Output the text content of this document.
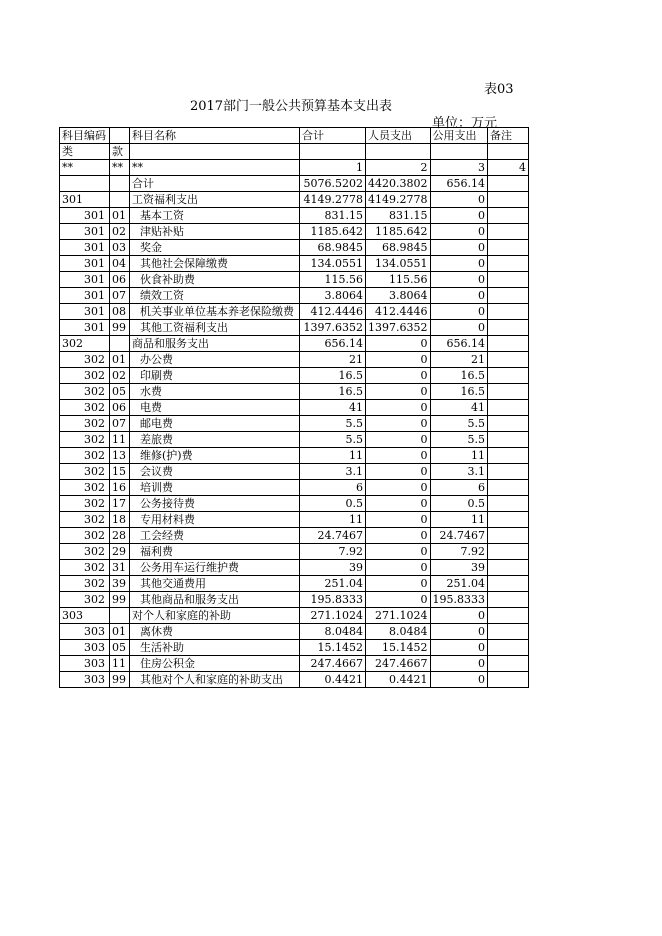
表03
2017部门一般公共预算基本支出表
单位：万元
科目编码		科目名称	合计	人员支出	公用支出	备注
类	款					
**	**	**	1	2	3	4
		合计	5076.5202	4420.3802	656.14	
301		工资福利支出	4149.2778	4149.2778	0	
301	01	基本工资	831.15	831.15	0	
301	02	津贴补贴	1185.642	1185.642	0	
301	03	奖金	68.9845	68.9845	0	
301	04	其他社会保障缴费	134.0551	134.0551	0	
301	06	伙食补助费	115.56	115.56	0	
301	07	绩效工资	3.8064	3.8064	0	
301	08	机关事业单位基本养老保险缴费	412.4446	412.4446	0	
301	99	其他工资福利支出	1397.6352	1397.6352	0	
302		商品和服务支出	656.14	0	656.14	
302	01	办公费	21	0	21	
302	02	印刷费	16.5	0	16.5	
302	05	水费	16.5	0	16.5	
302	06	电费	41	0	41	
302	07	邮电费	5.5	0	5.5	
302	11	差旅费	5.5	0	5.5	
302	13	维修(护)费	11	0	11	
302	15	会议费	3.1	0	3.1	
302	16	培训费	6	0	6	
302	17	公务接待费	0.5	0	0.5	
302	18	专用材料费	11	0	11	
302	28	工会经费	24.7467	0	24.7467	
302	29	福利费	7.92	0	7.92	
302	31	公务用车运行维护费	39	0	39	
302	39	其他交通费用	251.04	0	251.04	
302	99	其他商品和服务支出	195.8333	0	195.8333	
303		对个人和家庭的补助	271.1024	271.1024	0	
303	01	离休费	8.0484	8.0484	0	
303	05	生活补助	15.1452	15.1452	0	
303	11	住房公积金	247.4667	247.4667	0	
303	99	其他对个人和家庭的补助支出	0.4421	0.4421	0	
